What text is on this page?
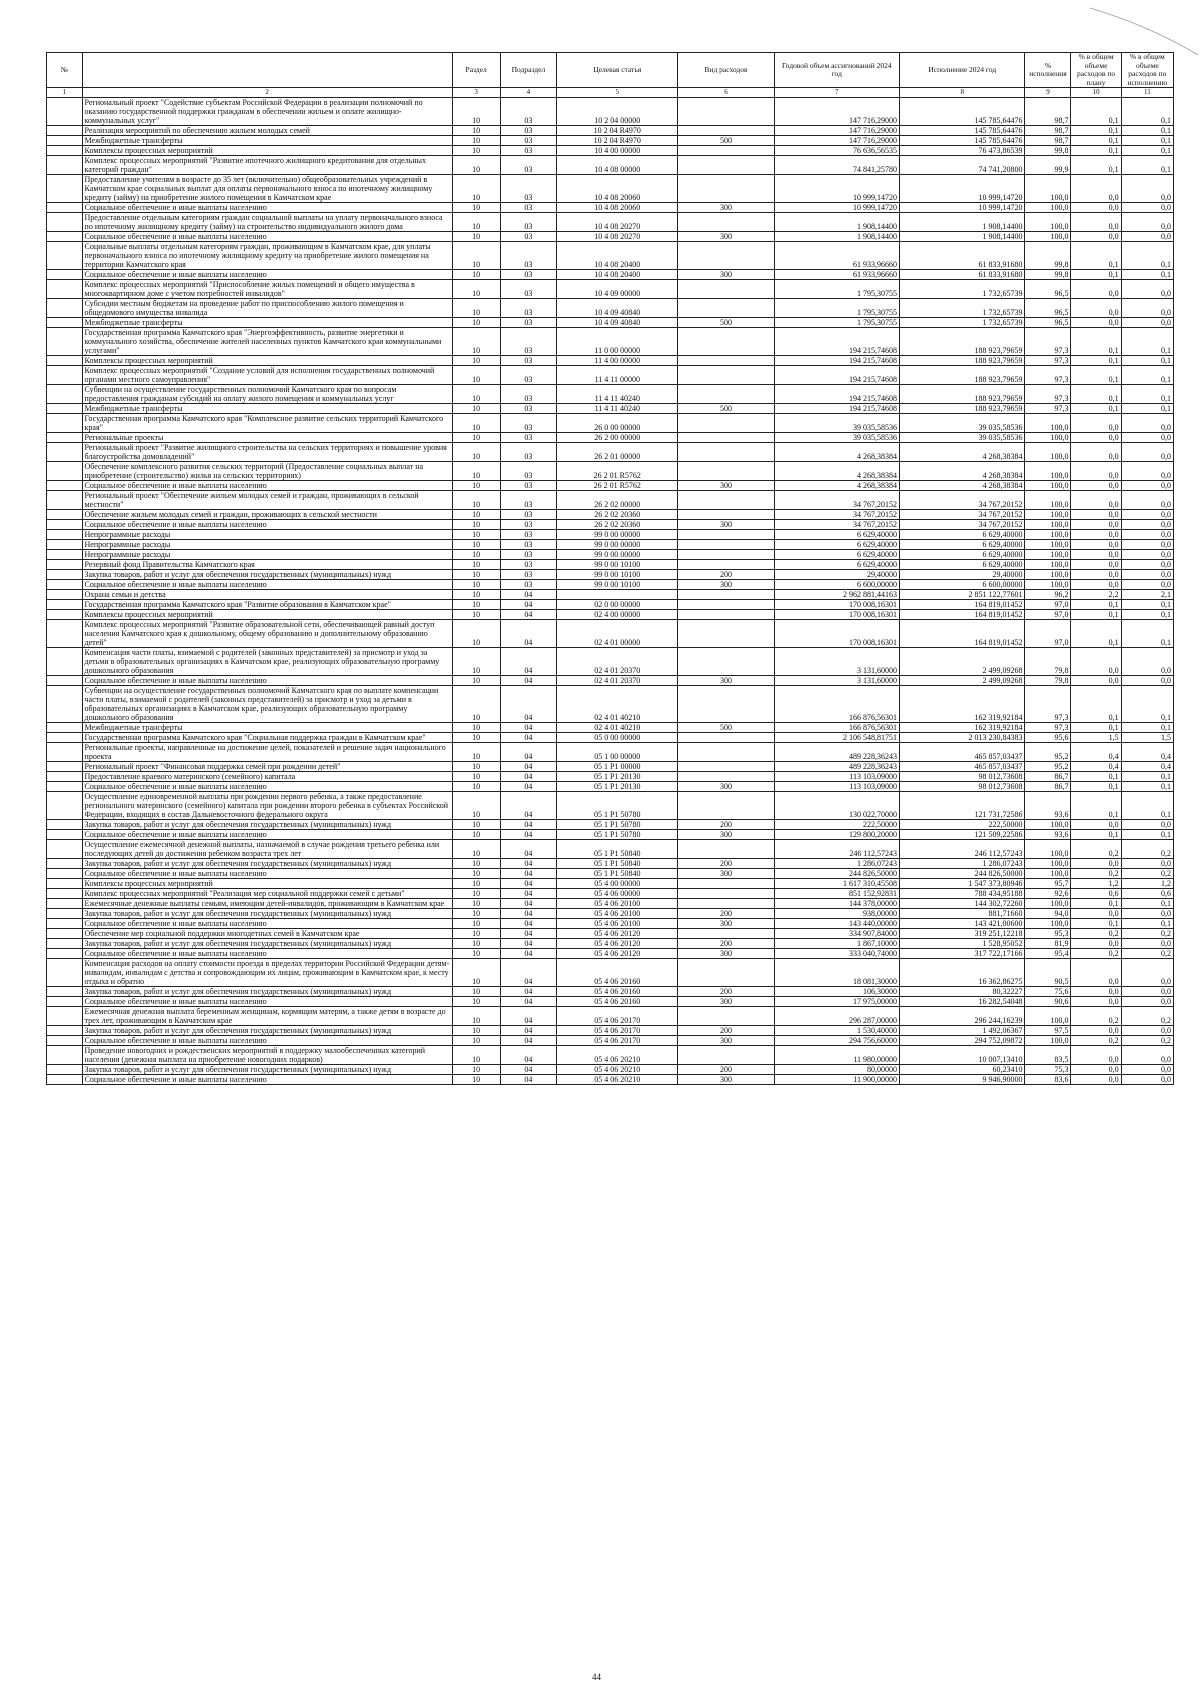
№		Раздел	Подраздел	Целевая статья	Вид расходов	Годовой объем ассигнований 2024 год	Исполнение 2024 год	% исполнения	% в общем объеме расходов по плану	% в общем объеме расходов по исполнению
1	2	3	4	5	6	7	8	9	10	11
	Региональный проект "Содействие субъектам Российской Федерации в реализации полномочий по оказанию государственной поддержки гражданам в обеспечении жильем и оплате жилищно-коммунальных услуг"	10	03	10 2 04 00000		147 716,29000	145 785,64476	98,7	0,1	0,1
	Реализация мероприятий по обеспечению жильем молодых семей	10	03	10 2 04 R4970		147 716,29000	145 785,64476	98,7	0,1	0,1
	Межбюджетные трансферты	10	03	10 2 04 R4970	500	147 716,29000	145 785,64476	98,7	0,1	0,1
	Комплексы процессных мероприятий	10	03	10 4 00 00000		76 636,56535	76 473,86539	99,8	0,1	0,1
	Комплекс процессных мероприятий "Развитие ипотечного жилищного кредитования для отдельных категорий граждан"	10	03	10 4 08 00000		74 841,25780	74 741,20800	99,9	0,1	0,1
	Предоставление учителям в возрасте до 35 лет (включительно) общеобразовательных учреждений в Камчатском крае социальных выплат для оплаты первоначального взноса по ипотечному жилищному кредиту (займу) на приобретение жилого помещения в Камчатском крае	10	03	10 4 08 20060		10 999,14720	10 999,14720	100,0	0,0	0,0
	Социальное обеспечение и иные выплаты населению	10	03	10 4 08 20060	300	10 999,14720	10 999,14720	100,0	0,0	0,0
	Предоставление отдельным категориям граждан социальной выплаты на уплату первоначального взноса по ипотечному жилищному кредиту (займу) на строительство индивидуального жилого дома	10	03	10 4 08 20270		1 908,14400	1 908,14400	100,0	0,0	0,0
	Социальное обеспечение и иные выплаты населению	10	03	10 4 08 20270	300	1 908,14400	1 908,14400	100,0	0,0	0,0
	Социальные выплаты отдельным категориям граждан, проживающим в Камчатском крае, для уплаты первоначального взноса по ипотечному жилищному кредиту на приобретение жилого помещения на территории Камчатского края	10	03	10 4 08 20400		61 933,96660	61 833,91680	99,8	0,1	0,1
	Социальное обеспечение и иные выплаты населению	10	03	10 4 08 20400	300	61 933,96660	61 833,91680	99,8	0,1	0,1
	Комплекс процессных мероприятий "Приспособление жилых помещений и общего имущества в многоквартирном доме с учетом потребностей инвалидов"	10	03	10 4 09 00000		1 795,30755	1 732,65739	96,5	0,0	0,0
	Субсидии местным бюджетам на проведение работ по приспособлению жилого помещения и общедомового имущества инвалида	10	03	10 4 09 40840		1 795,30755	1 732,65739	96,5	0,0	0,0
	Межбюджетные трансферты	10	03	10 4 09 40840	500	1 795,30755	1 732,65739	96,5	0,0	0,0
	Государственная программа Камчатского края "Энергоэффективность, развитие энергетики и коммунального хозяйства, обеспечение жителей населенных пунктов Камчатского края коммунальными услугами"	10	03	11 0 00 00000		194 215,74608	188 923,79659	97,3	0,1	0,1
	Комплексы процессных мероприятий	10	03	11 4 00 00000		194 215,74608	188 923,79659	97,3	0,1	0,1
	Комплекс процессных мероприятий "Создание условий для исполнения государственных полномочий органами местного самоуправления"	10	03	11 4 11 00000		194 215,74608	188 923,79659	97,3	0,1	0,1
	Субвенции на осуществление государственных полномочий Камчатского края по вопросам предоставления гражданам субсидий на оплату жилого помещения и коммунальных услуг	10	03	11 4 11 40240		194 215,74608	188 923,79659	97,3	0,1	0,1
	Межбюджетные трансферты	10	03	11 4 11 40240	500	194 215,74608	188 923,79659	97,3	0,1	0,1
	Государственная программа Камчатского края "Комплексное развитие сельских территорий Камчатского края"	10	03	26 0 00 00000		39 035,58536	39 035,58536	100,0	0,0	0,0
	Региональные проекты	10	03	26 2 00 00000		39 035,58536	39 035,58536	100,0	0,0	0,0
	Региональный проект "Развитие жилищного строительства на сельских территориях и повышение уровня благоустройства домовладений"	10	03	26 2 01 00000		4 268,38384	4 268,38384	100,0	0,0	0,0
	Обеспечение комплексного развития сельских территорий (Предоставление социальных выплат на приобретение (строительство) жилья на сельских территориях)	10	03	26 2 01 R5762		4 268,38384	4 268,38384	100,0	0,0	0,0
	Социальное обеспечение и иные выплаты населению	10	03	26 2 01 R5762	300	4 268,38384	4 268,38384	100,0	0,0	0,0
	Региональный проект "Обеспечение жильем молодых семей и граждан, проживающих в сельской местности"	10	03	26 2 02 00000		34 767,20152	34 767,20152	100,0	0,0	0,0
	Обеспечение жильем молодых семей и граждан, проживающих в сельской местности	10	03	26 2 02 20360		34 767,20152	34 767,20152	100,0	0,0	0,0
	Социальное обеспечение и иные выплаты населению	10	03	26 2 02 20360	300	34 767,20152	34 767,20152	100,0	0,0	0,0
	Непрограммные расходы	10	03	99 0 00 00000		6 629,40000	6 629,40000	100,0	0,0	0,0
	Непрограммные расходы	10	03	99 0 00 00000		6 629,40000	6 629,40000	100,0	0,0	0,0
	Непрограммные расходы	10	03	99 0 00 00000		6 629,40000	6 629,40000	100,0	0,0	0,0
	Резервный фонд Правительства Камчатского края	10	03	99 0 00 10100		6 629,40000	6 629,40000	100,0	0,0	0,0
	Закупка товаров, работ и услуг для обеспечения государственных (муниципальных) нужд	10	03	99 0 00 10100	200	29,40000	29,40000	100,0	0,0	0,0
	Социальное обеспечение и иные выплаты населению	10	03	99 0 00 10100	300	6 600,00000	6 600,00000	100,0	0,0	0,0
	Охрана семьи и детства	10	04			2 962 881,44163	2 851 122,77601	96,2	2,2	2,1
	Государственная программа Камчатского края "Развитие образования в Камчатском крае"	10	04	02 0 00 00000		170 008,16301	164 819,01452	97,0	0,1	0,1
	Комплексы процессных мероприятий	10	04	02 4 00 00000		170 008,16301	164 819,01452	97,0	0,1	0,1
	Комплекс процессных мероприятий "Развитие образовательной сети, обеспечивающей равный доступ населения Камчатского края к дошкольному, общему образованию и дополнительному образованию детей"	10	04	02 4 01 00000		170 008,16301	164 819,01452	97,0	0,1	0,1
	Компенсация части платы, взимаемой с родителей (законных представителей) за присмотр и уход за детьми в образовательных организациях в Камчатском крае, реализующих образовательную программу дошкольного образования	10	04	02 4 01 20370		3 131,60000	2 499,09268	79,8	0,0	0,0
	Социальное обеспечение и иные выплаты населению	10	04	02 4 01 20370	300	3 131,60000	2 499,09268	79,8	0,0	0,0
	Субвенции на осуществление государственных полномочий Камчатского края по выплате компенсации части платы, взимаемой с родителей (законных представителей) за присмотр и уход за детьми в образовательных организациях в Камчатском крае, реализующих образовательную программу дошкольного образования	10	04	02 4 01 40210		166 876,56301	162 319,92184	97,3	0,1	0,1
	Межбюджетные трансферты	10	04	02 4 01 40210	500	166 876,56301	162 319,92184	97,3	0,1	0,1
	Государственная программа Камчатского края "Социальная поддержка граждан в Камчатском крае"	10	04	05 0 00 00000		2 106 548,81751	2 013 230,84383	95,6	1,5	1,5
	Региональные проекты, направленные на достижение целей, показателей и решение задач национального проекта	10	04	05 1 00 00000		489 228,36243	465 857,03437	95,2	0,4	0,4
	Региональный проект "Финансовая поддержка семей при рождении детей"	10	04	05 1 P1 00000		489 228,36243	465 857,03437	95,2	0,4	0,4
	Предоставление краевого материнского (семейного) капитала	10	04	05 1 P1 20130		113 103,09000	98 012,73608	86,7	0,1	0,1
	Социальное обеспечение и иные выплаты населению	10	04	05 1 P1 20130	300	113 103,09000	98 012,73608	86,7	0,1	0,1
	Осуществление единовременной выплаты при рождении первого ребенка, а также предоставление регионального материнского (семейного) капитала при рождении второго ребенка в субъектах Российской Федерации, входящих в состав Дальневосточного федерального округа	10	04	05 1 P1 50780		130 022,70000	121 731,72586	93,6	0,1	0,1
	Закупка товаров, работ и услуг для обеспечения государственных (муниципальных) нужд	10	04	05 1 P1 50780	200	222,50000	222,50000	100,0	0,0	0,0
	Социальное обеспечение и иные выплаты населению	10	04	05 1 P1 50780	300	129 800,20000	121 509,22586	93,6	0,1	0,1
	Осуществление ежемесячной денежной выплаты, назначаемой в случае рождения третьего ребенка или последующих детей до достижения ребенком возраста трех лет	10	04	05 1 P1 50840		246 112,57243	246 112,57243	100,0	0,2	0,2
	Закупка товаров, работ и услуг для обеспечения государственных (муниципальных) нужд	10	04	05 1 P1 50840	200	1 286,07243	1 286,07243	100,0	0,0	0,0
	Социальное обеспечение и иные выплаты населению	10	04	05 1 P1 50840	300	244 826,50000	244 826,50000	100,0	0,2	0,2
	Комплексы процессных мероприятий	10	04	05 4 00 00000		1 617 310,45508	1 547 373,80946	95,7	1,2	1,2
	Комплекс процессных мероприятий "Реализация мер социальной поддержки семей с детьми"	10	04	05 4 06 00000		851 152,92831	788 434,95188	92,6	0,6	0,6
	Ежемесячные денежные выплаты семьям, имеющим детей-инвалидов, проживающим в Камчатском крае	10	04	05 4 06 20100		144 378,00000	144 302,72260	100,0	0,1	0,1
	Закупка товаров, работ и услуг для обеспечения государственных (муниципальных) нужд	10	04	05 4 06 20100	200	938,00000	881,71660	94,0	0,0	0,0
	Социальное обеспечение и иные выплаты населению	10	04	05 4 06 20100	300	143 440,00000	143 421,00600	100,0	0,1	0,1
	Обеспечение мер социальной поддержки многодетных семей в Камчатском крае	10	04	05 4 06 20120		334 907,84000	319 251,12218	95,3	0,2	0,2
	Закупка товаров, работ и услуг для обеспечения государственных (муниципальных) нужд	10	04	05 4 06 20120	200	1 867,10000	1 528,95052	81,9	0,0	0,0
	Социальное обеспечение и иные выплаты населению	10	04	05 4 06 20120	300	333 040,74000	317 722,17166	95,4	0,2	0,2
	Компенсация расходов на оплату стоимости проезда в пределах территории Российской Федерации детям-инвалидам, инвалидам с детства и сопровождающим их лицам, проживающим в Камчатском крае, к месту отдыха и обратно	10	04	05 4 06 20160		18 081,30000	16 362,86275	90,5	0,0	0,0
	Закупка товаров, работ и услуг для обеспечения государственных (муниципальных) нужд	10	04	05 4 06 20160	200	106,30000	80,32227	75,6	0,0	0,0
	Социальное обеспечение и иные выплаты населению	10	04	05 4 06 20160	300	17 975,00000	16 282,54048	90,6	0,0	0,0
	Ежемесячная денежная выплата беременным женщинам, кормящим матерям, а также детям в возрасте до трех лет, проживающим в Камчатском крае	10	04	05 4 06 20170		296 287,00000	296 244,16239	100,0	0,2	0,2
	Закупка товаров, работ и услуг для обеспечения государственных (муниципальных) нужд	10	04	05 4 06 20170	200	1 530,40000	1 492,06367	97,5	0,0	0,0
	Социальное обеспечение и иные выплаты населению	10	04	05 4 06 20170	300	294 756,60000	294 752,09872	100,0	0,2	0,2
	Проведение новогодних и рождественских мероприятий в поддержку малообеспеченных категорий населения (денежная выплата на приобретение новогодних подарков)	10	04	05 4 06 20210		11 980,00000	10 007,13410	83,5	0,0	0,0
	Закупка товаров, работ и услуг для обеспечения государственных (муниципальных) нужд	10	04	05 4 06 20210	200	80,00000	60,23410	75,3	0,0	0,0
	Социальное обеспечение и иные выплаты населению	10	04	05 4 06 20210	300	11 900,00000	9 946,90000	83,6	0,0	0,0
44
